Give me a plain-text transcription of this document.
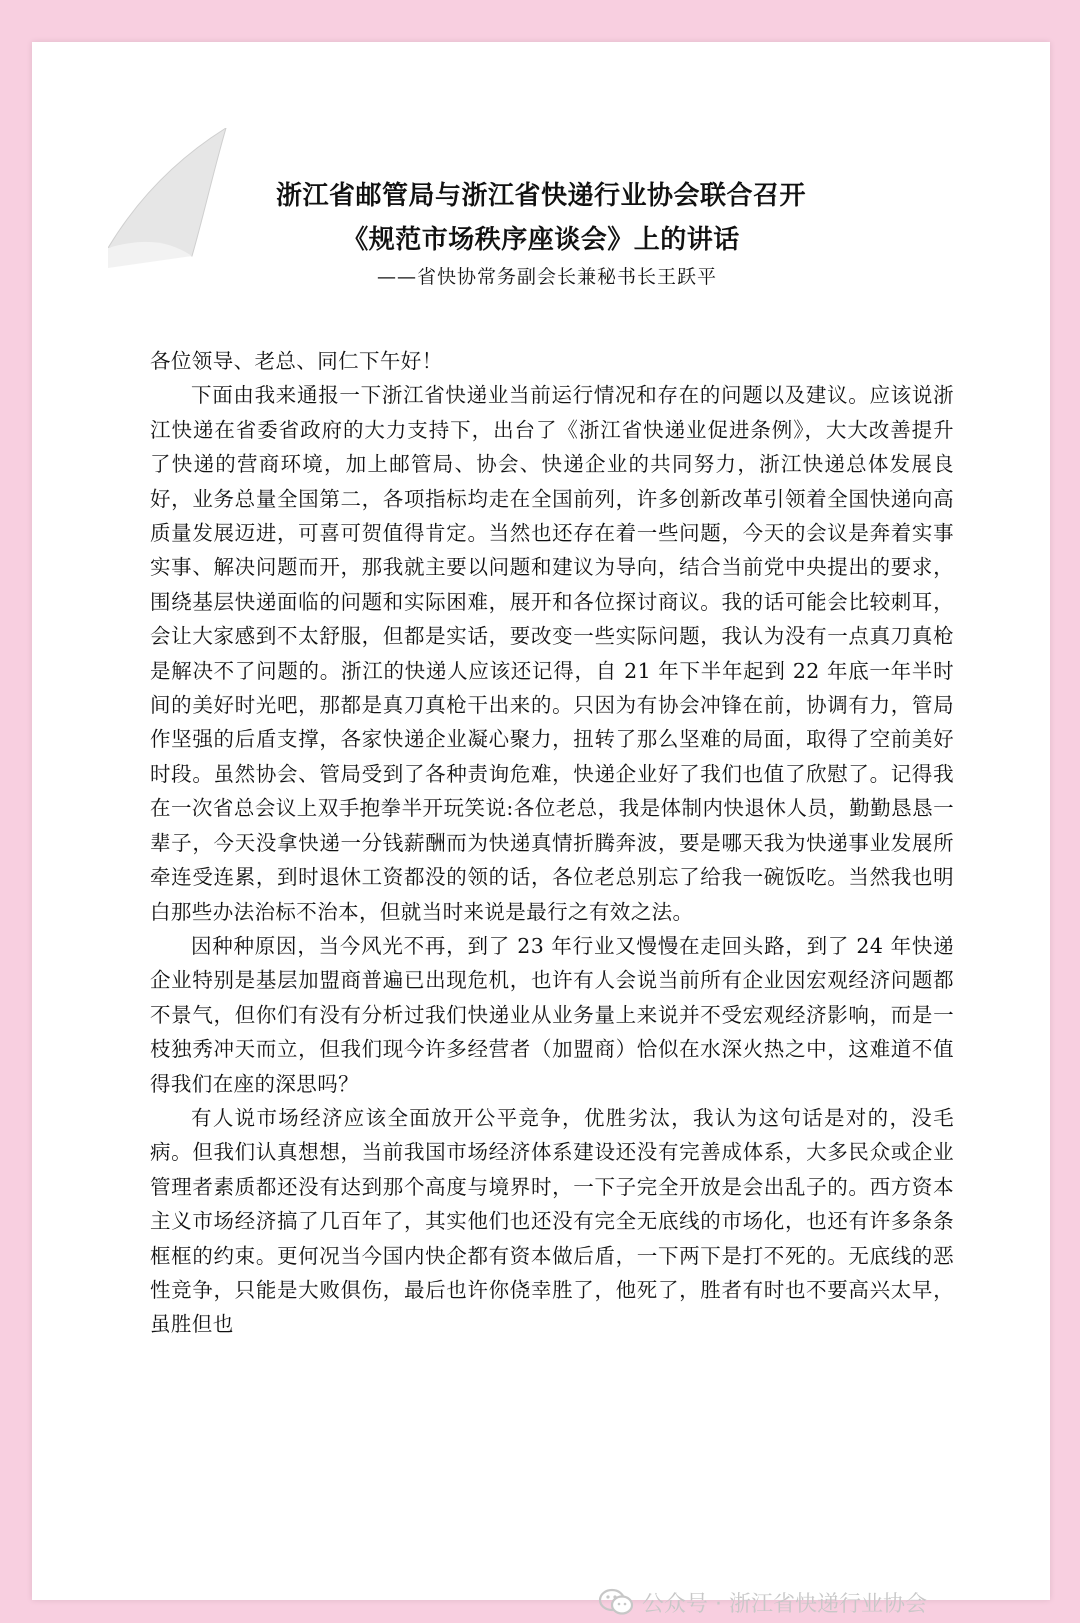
浙江省邮管局与浙江省快递行业协会联合召开
《规范市场秩序座谈会》上的讲话
——省快协常务副会长兼秘书长王跃平

各位领导、老总、同仁下午好！

下面由我来通报一下浙江省快递业当前运行情况和存在的问题以及建议。应该说浙江快递在省委省政府的大力支持下，出台了《浙江省快递业促进条例》，大大改善提升了快递的营商环境，加上邮管局、协会、快递企业的共同努力，浙江快递总体发展良好，业务总量全国第二，各项指标均走在全国前列，许多创新改革引领着全国快递向高质量发展迈进，可喜可贺值得肯定。当然也还存在着一些问题，今天的会议是奔着实事实事、解决问题而开，那我就主要以问题和建议为导向，结合当前党中央提出的要求，围绕基层快递面临的问题和实际困难，展开和各位探讨商议。我的话可能会比较刺耳，会让大家感到不太舒服，但都是实话，要改变一些实际问题，我认为没有一点真刀真枪是解决不了问题的。浙江的快递人应该还记得，自 21 年下半年起到 22 年底一年半时间的美好时光吧，那都是真刀真枪干出来的。只因为有协会冲锋在前，协调有力，管局作坚强的后盾支撑，各家快递企业凝心聚力，扭转了那么坚难的局面，取得了空前美好时段。虽然协会、管局受到了各种责询危难，快递企业好了我们也值了欣慰了。记得我在一次省总会议上双手抱拳半开玩笑说:各位老总，我是体制内快退休人员，勤勤恳恳一辈子，今天没拿快递一分钱薪酬而为快递真情折腾奔波，要是哪天我为快递事业发展所牵连受连累，到时退休工资都没的领的话，各位老总别忘了给我一碗饭吃。当然我也明白那些办法治标不治本，但就当时来说是最行之有效之法。

因种种原因，当今风光不再，到了 23 年行业又慢慢在走回头路，到了 24 年快递企业特别是基层加盟商普遍已出现危机，也许有人会说当前所有企业因宏观经济问题都不景气，但你们有没有分析过我们快递业从业务量上来说并不受宏观经济影响，而是一枝独秀冲天而立，但我们现今许多经营者（加盟商）恰似在水深火热之中，这难道不值得我们在座的深思吗？

有人说市场经济应该全面放开公平竞争，优胜劣汰，我认为这句话是对的，没毛病。但我们认真想想，当前我国市场经济体系建设还没有完善成体系，大多民众或企业管理者素质都还没有达到那个高度与境界时，一下子完全开放是会出乱子的。西方资本主义市场经济搞了几百年了，其实他们也还没有完全无底线的市场化，也还有许多条条框框的约束。更何况当今国内快企都有资本做后盾，一下两下是打不死的。无底线的恶性竞争，只能是大败俱伤，最后也许你侥幸胜了，他死了，胜者有时也不要高兴太早，虽胜但也

公众号 · 浙江省快递行业协会
